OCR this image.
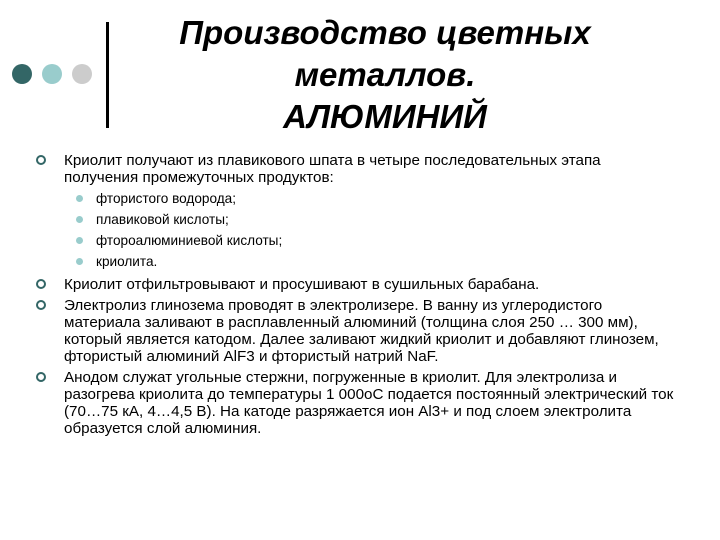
Производство цветных
металлов.
АЛЮМИНИЙ
Криолит получают из плавикового шпата в четыре последовательных этапа получения промежуточных продуктов:
фтористого водорода;
плавиковой кислоты;
фтороалюминиевой кислоты;
криолита.
Криолит отфильтровывают и просушивают в сушильных барабана.
Электролиз глинозема проводят в электролизере. В ванну из углеродистого материала заливают в расплавленный алюминий (толщина слоя 250 … 300 мм), который является катодом. Далее заливают жидкий криолит и добавляют глинозем, фтористый алюминий AlF3 и фтористый натрий NaF.
Анодом служат угольные стержни, погруженные в криолит. Для электролиза и разогрева криолита до температуры 1 000oC подается постоянный электрический ток (70…75 кА, 4…4,5 В). На катоде разряжается ион Al3+ и под слоем электролита образуется слой алюминия.
